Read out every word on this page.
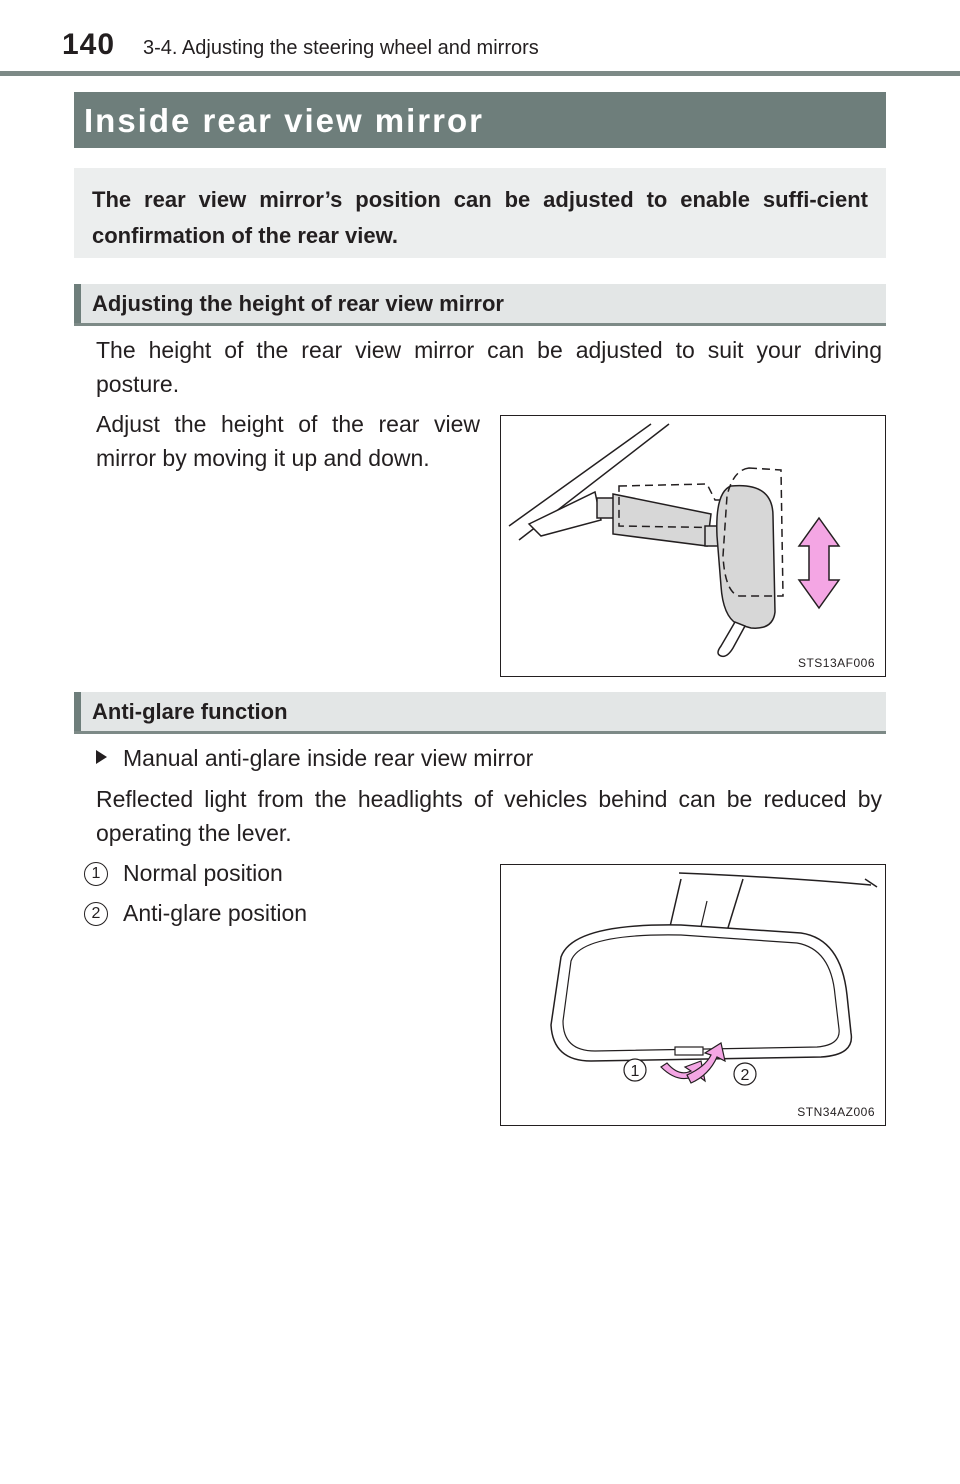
140 3-4. Adjusting the steering wheel and mirrors
Inside rear view mirror
The rear view mirror’s position can be adjusted to enable suffi-cient confirmation of the rear view.
Adjusting the height of rear view mirror
The height of the rear view mirror can be adjusted to suit your driving posture.
Adjust the height of the rear view mirror by moving it up and down.
STS13AF006
Anti-glare function
Manual anti-glare inside rear view mirror
Reflected light from the headlights of vehicles behind can be reduced by operating the lever.
1 Normal position
2 Anti-glare position
1	2
STN34AZ006
